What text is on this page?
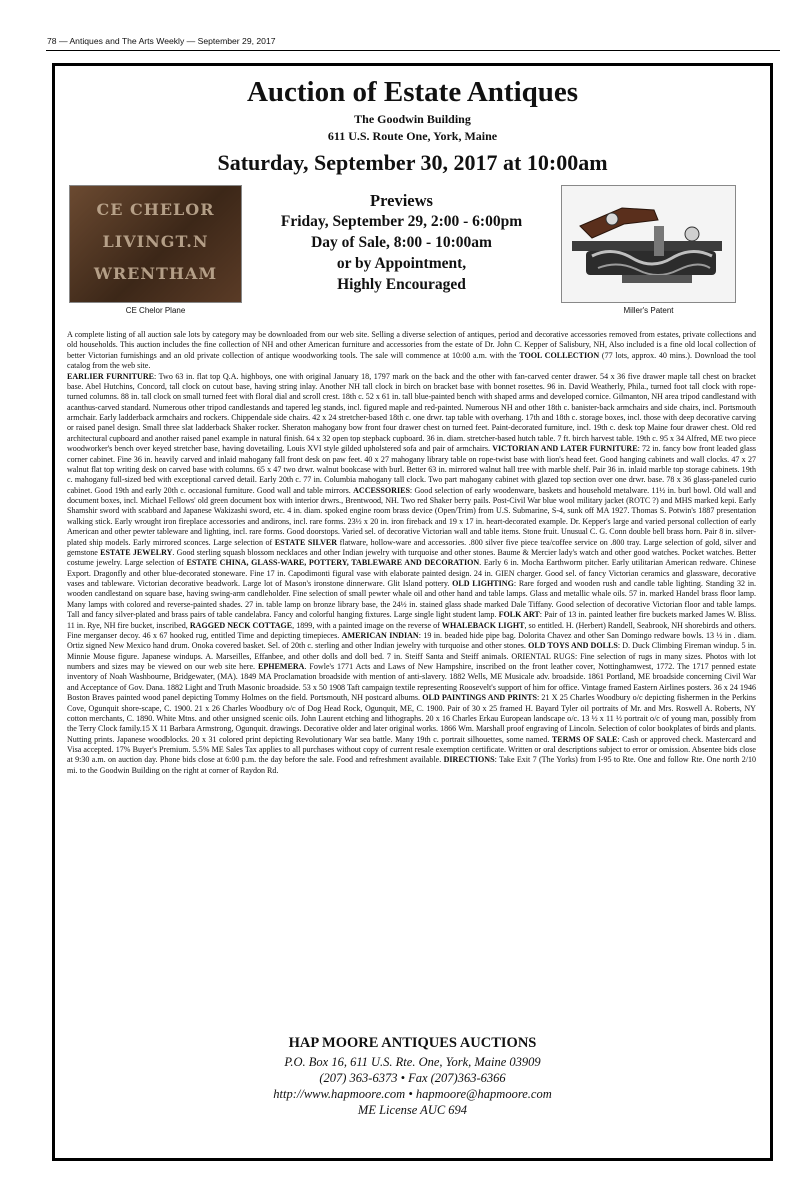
78 — Antiques and The Arts Weekly — September 29, 2017
Auction of Estate Antiques
The Goodwin Building
611 U.S. Route One, York, Maine
Saturday, September 30, 2017 at 10:00am
CE CHELOR
LIVINGT.N
WRENTHAM
CE Chelor Plane
Previews
Friday, September 29, 2:00 - 6:00pm
Day of Sale, 8:00 - 10:00am
or by Appointment,
Highly Encouraged
Miller's Patent
A complete listing of all auction sale lots by category may be downloaded from our web site. Selling a diverse selection of antiques, period and decorative accessories removed from estates, private collections and old households. This auction includes the fine collection of NH and other American furniture and accessories from the estate of Dr. John C. Kepper of Salisbury, NH, Also included is a fine old local collection of better Victorian furnishings and an old private collection of antique woodworking tools. The sale will commence at 10:00 a.m. with the TOOL COLLECTION (77 lots, approx. 40 mins.). Download the tool catalog from the web site.
EARLIER FURNITURE: Two 63 in. flat top Q.A. highboys, one with original January 18, 1797 mark on the back and the other with fan-carved center drawer. 54 x 36 five drawer maple tall chest on bracket base. Abel Hutchins, Concord, tall clock on cutout base, having string inlay. Another NH tall clock in birch on bracket base with bonnet rosettes. 96 in. David Weatherly, Phila., turned foot tall clock with rope-turned columns. 88 in. tall clock on small turned feet with floral dial and scroll crest. 18th c. 52 x 61 in. tall blue-painted bench with shaped arms and developed cornice. Gilmanton, NH area tripod candlestand with acanthus-carved standard. Numerous other tripod candlestands and tapered leg stands, incl. figured maple and red-painted. Numerous NH and other 18th c. banister-back armchairs and side chairs, incl. Portsmouth armchair. Early ladderback armchairs and rockers. Chippendale side chairs. 42 x 24 stretcher-based 18th c. one drwr. tap table with overhang. 17th and 18th c. storage boxes, incl. those with deep decorative carving or raised panel design. Small three slat ladderback Shaker rocker. Sheraton mahogany bow front four drawer chest on turned feet. Paint-decorated furniture, incl. 19th c. desk top Maine four drawer chest. Old red architectural cupboard and another raised panel example in natural finish. 64 x 32 open top stepback cupboard. 36 in. diam. stretcher-based hutch table. 7 ft. birch harvest table. 19th c. 95 x 34 Alfred, ME two piece woodworker's bench over keyed stretcher base, having dovetailing. Louis XVI style gilded upholstered sofa and pair of armchairs. VICTORIAN AND LATER FURNITURE: 72 in. fancy bow front leaded glass corner cabinet. Fine 36 in. heavily carved and inlaid mahogany fall front desk on paw feet. 40 x 27 mahogany library table on rope-twist base with lion's head feet. Good hanging cabinets and wall clocks. 47 x 27 walnut flat top writing desk on carved base with columns. 65 x 47 two drwr. walnut bookcase with burl. Better 63 in. mirrored walnut hall tree with marble shelf. Pair 36 in. inlaid marble top storage cabinets. 19th c. mahogany full-sized bed with exceptional carved detail. Early 20th c. 77 in. Columbia mahogany tall clock. Two part mahogany cabinet with glazed top section over one drwr. base. 78 x 36 glass-paneled curio cabinet. Good 19th and early 20th c. occasional furniture. Good wall and table mirrors. ACCESSORIES: Good selection of early woodenware, baskets and household metalware. 11½ in. burl bowl. Old wall and document boxes, incl. Michael Fellows' old green document box with interior drwrs., Brentwood, NH. Two red Shaker berry pails. Post-Civil War blue wool military jacket (ROTC ?) and MHS marked kepi. Early Shamshir sword with scabbard and Japanese Wakizashi sword, etc. 4 in. diam. spoked engine room brass device (Open/Trim) from U.S. Submarine, S-4, sunk off MA 1927. Thomas S. Potwin's 1887 presentation walking stick. Early wrought iron fireplace accessories and andirons, incl. rare forms. 23½ x 20 in. iron fireback and 19 x 17 in. heart-decorated example. Dr. Kepper's large and varied personal collection of early American and other pewter tableware and lighting, incl. rare forms. Good doorstops. Varied sel. of decorative Victorian wall and table items. Stone fruit. Unusual C. G. Conn double bell brass horn. Pair 8 in. silver-plated ship models. Early mirrored sconces. Large selection of ESTATE SILVER flatware, hollow-ware and accessories. .800 silver five piece tea/coffee service on .800 tray. Large selection of gold, silver and gemstone ESTATE JEWELRY. Good sterling squash blossom necklaces and other Indian jewelry with turquoise and other stones. Baume & Mercier lady's watch and other good watches. Pocket watches. Better costume jewelry. Large selection of ESTATE CHINA, GLASS-WARE, POTTERY, TABLEWARE AND DECORATION. Early 6 in. Mocha Earthworm pitcher. Early utilitarian American redware. Chinese Export. Dragonfly and other blue-decorated stoneware. Fine 17 in. Capodimonti figural vase with elaborate painted design. 24 in. GIEN charger. Good sel. of fancy Victorian ceramics and glassware, decorative vases and tableware. Victorian decorative beadwork. Large lot of Mason's ironstone dinnerware. Glit Island pottery. OLD LIGHTING: Rare forged and wooden rush and candle table lighting. Standing 32 in. wooden candlestand on square base, having swing-arm candleholder. Fine selection of small pewter whale oil and other hand and table lamps. Glass and metallic whale oils. 57 in. marked Handel brass floor lamp. Many lamps with colored and reverse-painted shades. 27 in. table lamp on bronze library base, the 24½ in. stained glass shade marked Dale Tiffany. Good selection of decorative Victorian floor and table lamps. Tall and fancy silver-plated and brass pairs of table candelabra. Fancy and colorful hanging fixtures. Large single light student lamp. FOLK ART: Pair of 13 in. painted leather fire buckets marked James W. Bliss. 11 in. Rye, NH fire bucket, inscribed, RAGGED NECK COTTAGE, 1899, with a painted image on the reverse of WHALEBACK LIGHT, so entitled. H. (Herbert) Randell, Seabrook, NH shorebirds and others. Fine merganser decoy. 46 x 67 hooked rug, entitled Time and depicting timepieces. AMERICAN INDIAN: 19 in. beaded hide pipe bag. Dolorita Chavez and other San Domingo redware bowls. 13 ½ in . diam. Ortiz signed New Mexico hand drum. Onoka covered basket. Sel. of 20th c. sterling and other Indian jewelry with turquoise and other stones. OLD TOYS AND DOLLS: D. Duck Climbing Fireman windup. 5 in. Minnie Mouse figure. Japanese windups. A. Marseilles, Effanbee, and other dolls and doll bed. 7 in. Steiff Santa and Steiff animals. ORIENTAL RUGS: Fine selection of rugs in many sizes. Photos with lot numbers and sizes may be viewed on our web site here. EPHEMERA. Fowle's 1771 Acts and Laws of New Hampshire, inscribed on the front leather cover, Nottinghamwest, 1772. The 1717 penned estate inventory of Noah Washbourne, Bridgewater, (MA). 1849 MA Proclamation broadside with mention of anti-slavery. 1882 Wells, ME Musicale adv. broadside. 1861 Portland, ME broadside concerning Civil War and Acceptance of Gov. Dana. 1882 Light and Truth Masonic broadside. 53 x 50 1908 Taft campaign textile representing Roosevelt's support of him for office. Vintage framed Eastern Airlines posters. 36 x 24 1946 Boston Braves painted wood panel depicting Tommy Holmes on the field. Portsmouth, NH postcard albums. OLD PAINTINGS AND PRINTS: 21 X 25 Charles Woodbury o/c depicting fishermen in the Perkins Cove, Ogunquit shore-scape, C. 1900. 21 x 26 Charles Woodbury o/c of Dog Head Rock, Ogunquit, ME, C. 1900. Pair of 30 x 25 framed H. Bayard Tyler oil portraits of Mr. and Mrs. Roswell A. Roberts, NY cotton merchants, C. 1890. White Mtns. and other unsigned scenic oils. John Laurent etching and lithographs. 20 x 16 Charles Erkau European landscape o/c. 13 ½ x 11 ½ portrait o/c of young man, possibly from the Terry Clock family.15 X 11 Barbara Armstrong, Ogunquit. drawings. Decorative older and later original works. 1866 Wm. Marshall proof engraving of Lincoln. Selection of color bookplates of birds and plants. Nutting prints. Japanese woodblocks. 20 x 31 colored print depicting Revolutionary War sea battle. Many 19th c. portrait silhouettes, some named. TERMS OF SALE: Cash or approved check. Mastercard and Visa accepted. 17% Buyer's Premium. 5.5% ME Sales Tax applies to all purchases without copy of current resale exemption certificate. Written or oral descriptions subject to error or omission. Absentee bids close at 9:30 a.m. on auction day. Phone bids close at 6:00 p.m. the day before the sale. Food and refreshment available. DIRECTIONS: Take Exit 7 (The Yorks) from I-95 to Rte. One and follow Rte. One north 2/10 mi. to the Goodwin Building on the right at corner of Raydon Rd.
HAP MOORE ANTIQUES AUCTIONS
P.O. Box 16, 611 U.S. Rte. One, York, Maine 03909
(207) 363-6373 • Fax (207)363-6366
http://www.hapmoore.com • hapmoore@hapmoore.com
ME License AUC 694
